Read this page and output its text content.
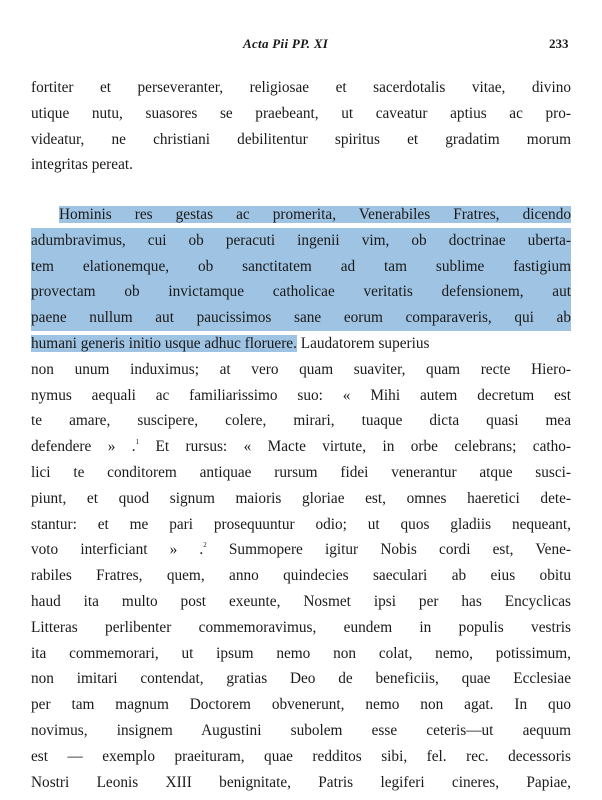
Acta Pii PP. XI	233
fortiter et perseveranter, religiosae et sacerdotalis vitae, divino
utique nutu, suasores se praebeant, ut caveatur aptius ac pro-
videatur, ne christiani debilitentur spiritus et gradatim morum
integritas pereat.
Hominis res gestas ac promerita, Venerabiles Fratres, dicendo
adumbravimus, cui ob peracuti ingenii vim, ob doctrinae uberta-
tem elationemque, ob sanctitatem ad tam sublime fastigium
provectam ob invictamque catholicae veritatis defensionem, aut
paene nullum aut paucissimos sane eorum comparaveris, qui ab
humani generis initio usque adhuc floruere. Laudatorem superius
non unum induximus; at vero quam suaviter, quam recte Hiero-
nymus aequali ac familiarissimo suo: « Mihi autem decretum est
te amare, suscipere, colere, mirari, tuaque dicta quasi mea
defendere » .$^1$ Et rursus: « Macte virtute, in orbe celebrans; catho-
lici te conditorem antiquae rursum fidei venerantur atque susci-
piunt, et quod signum maioris gloriae est, omnes haeretici dete-
stantur: et me pari prosequuntur odio; ut quos gladiis nequeant,
voto interficiant » .$^2$ Summopere igitur Nobis cordi est, Vene-
rabiles Fratres, quem, anno quindecies saeculari ab eius obitu
haud ita multo post exeunte, Nosmet ipsi per has Encyclicas
Litteras perlibenter commemoravimus, eundem in populis vestris
ita commemorari, ut ipsum nemo non colat, nemo, potissimum,
non imitari contendat, gratias Deo de beneficiis, quae Ecclesiae
per tam magnum Doctorem obvenerunt, nemo non agat. In quo
novimus, insignem Augustini subolem esse ceteris—ut aequum
est — exemplo praeituram, quae redditos sibi, fel. rec. decessoris
Nostri Leonis XIII benignitate, Patris legiferi cineres, Papiae,
